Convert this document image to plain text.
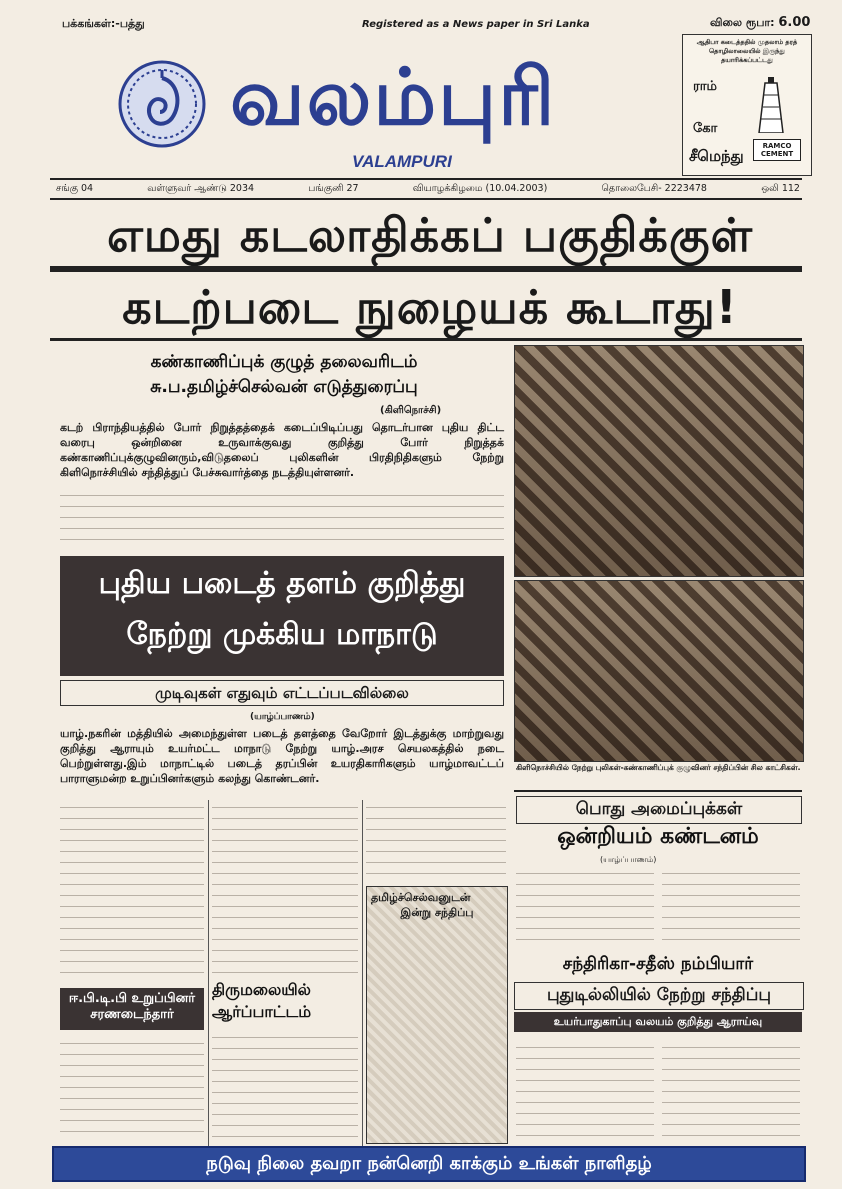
பக்கங்கள்:-பத்து	Registered as a News paper in Sri Lanka	விலை ரூபா: 6.00
வலம்புரி
VALAMPURI
ஆதிபா கடைத்ததில் முதலாம் தரத் தொழிலாலையில் இருந்து தயாரிக்கப்பட்டது
ராம்
கோ
சீமெந்து
RAMCO CEMENT
சங்கு 04	வள்ளுவர் ஆண்டு 2034	பங்குனி 27	வியாழக்கிழமை (10.04.2003)	தொலைபேசி- 2223478	ஒலி 112
எமது கடலாதிக்கப் பகுதிக்குள்
கடற்படை நுழையக் கூடாது!
கண்காணிப்புக் குழுத் தலைவரிடம்
சு.ப.தமிழ்ச்செல்வன் எடுத்துரைப்பு
(கிளிநொச்சி)
கடற் பிராந்தியத்தில் போர் நிறுத்தத்தைக் கடைப்பிடிப்பது தொடர்பான புதிய திட்ட வரைபு ஒன்றினை உருவாக்குவது குறித்து போர் நிறுத்தக் கண்காணிப்புக்குழுவினரும்,விடுதலைப் புலிகளின் பிரதிநிதிகளும் நேற்று கிளிநொச்சியில் சந்தித்துப் பேச்சுவார்த்தை நடத்தியுள்ளனர்.
கிளிநொச்சியில் நேற்று புலிகள்-கண்காணிப்புக் குழுவினர் சந்திப்பின் சில காட்சிகள்.
புதிய படைத் தளம் குறித்து
நேற்று முக்கிய மாநாடு
முடிவுகள் எதுவும் எட்டப்படவில்லை
(யாழ்ப்பாணம்)
யாழ்.நகரின் மத்தியில் அமைந்துள்ள படைத் தளத்தை வேறோர் இடத்துக்கு மாற்றுவது குறித்து ஆராயும் உயர்மட்ட மாநாடு நேற்று யாழ்.அரச செயலகத்தில் நடை பெற்றுள்ளது.இம் மாநாட்டில் படைத் தரப்பின் உயரதிகாரிகளும் யாழ்மாவட்டப் பாராளுமன்ற உறுப்பினர்களும் கலந்து கொண்டனர்.
ஈ.பி.டி.பி உறுப்பினர்
சரணடைந்தார்
திருமலையில்
ஆர்ப்பாட்டம்
தமிழ்ச்செல்வனுடன்
இன்று சந்திப்பு
பொது அமைப்புக்கள்
ஒன்றியம் கண்டனம்
(யாழ்ப்பாணம்)
சந்திரிகா-சதீஸ் நம்பியார்
புதுடில்லியில் நேற்று சந்திப்பு
உயர்பாதுகாப்பு வலயம் குறித்து ஆராய்வு
நடுவு நிலை தவறா நன்னெறி காக்கும் உங்கள் நாளிதழ்
